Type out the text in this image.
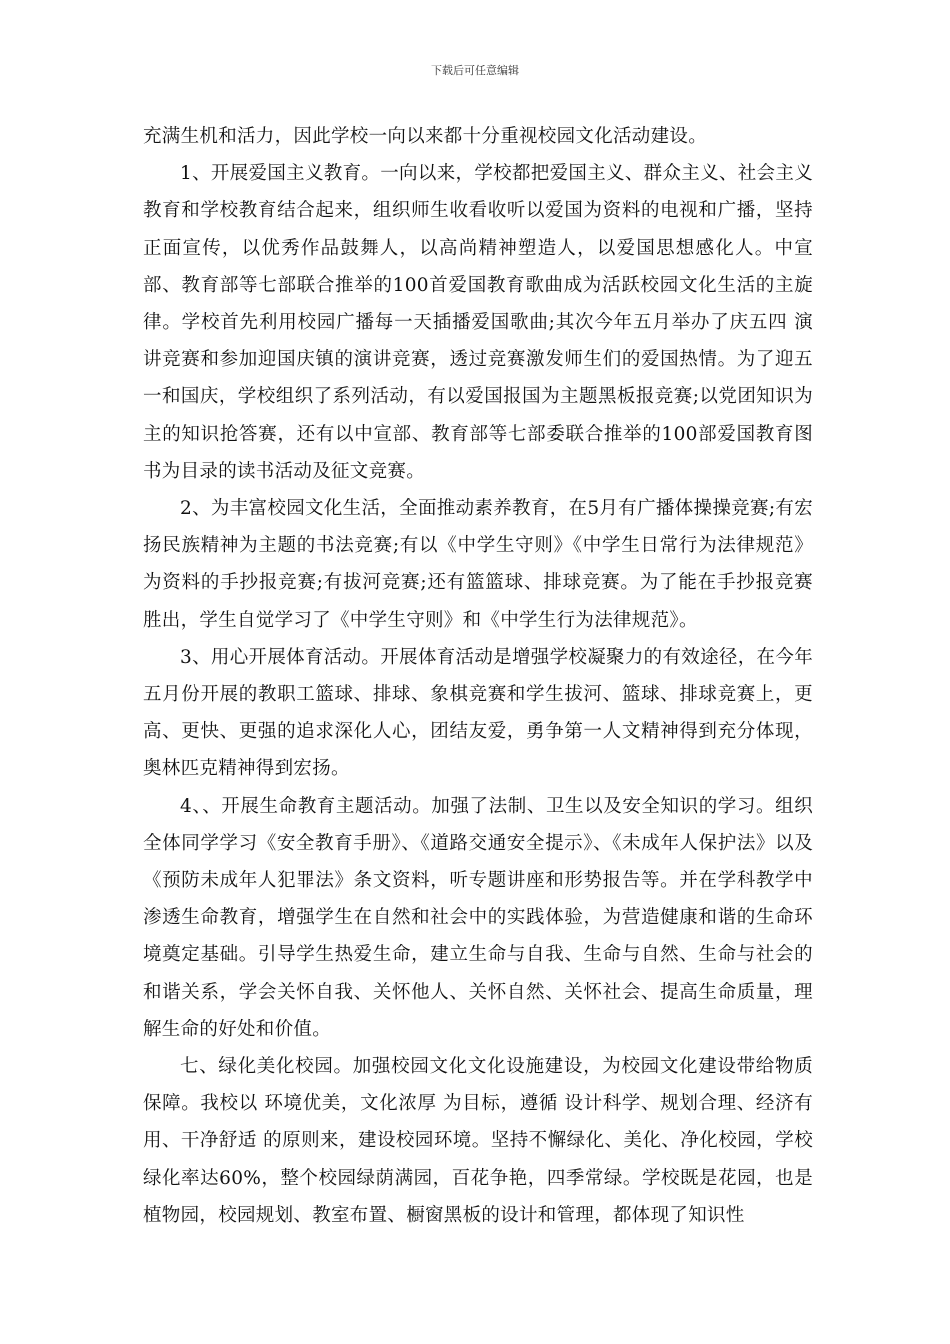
下载后可任意编辑

充满生机和活力，因此学校一向以来都十分重视校园文化活动建设。

1、开展爱国主义教育。一向以来，学校都把爱国主义、群众主义、社会主义教育和学校教育结合起来，组织师生收看收听以爱国为资料的电视和广播，坚持正面宣传，以优秀作品鼓舞人，以高尚精神塑造人，以爱国思想感化人。中宣部、教育部等七部联合推举的100首爱国教育歌曲成为活跃校园文化生活的主旋律。学校首先利用校园广播每一天插播爱国歌曲;其次今年五月举办了庆五四 演讲竞赛和参加迎国庆镇的演讲竞赛，透过竞赛激发师生们的爱国热情。为了迎五一和国庆，学校组织了系列活动，有以爱国报国为主题黑板报竞赛;以党团知识为主的知识抢答赛，还有以中宣部、教育部等七部委联合推举的100部爱国教育图书为目录的读书活动及征文竞赛。

2、为丰富校园文化生活，全面推动素养教育，在5月有广播体操操竞赛;有宏扬民族精神为主题的书法竞赛;有以《中学生守则》《中学生日常行为法律规范》为资料的手抄报竞赛;有拔河竞赛;还有篮篮球、排球竞赛。为了能在手抄报竞赛胜出，学生自觉学习了《中学生守则》和《中学生行为法律规范》。

3、用心开展体育活动。开展体育活动是增强学校凝聚力的有效途径，在今年五月份开展的教职工篮球、排球、象棋竞赛和学生拔河、篮球、排球竞赛上，更高、更快、更强的追求深化人心，团结友爱，勇争第一人文精神得到充分体现，奥林匹克精神得到宏扬。

4、、开展生命教育主题活动。加强了法制、卫生以及安全知识的学习。组织全体同学学习《安全教育手册》、《道路交通安全提示》、《未成年人保护法》以及《预防未成年人犯罪法》条文资料，听专题讲座和形势报告等。并在学科教学中渗透生命教育，增强学生在自然和社会中的实践体验，为营造健康和谐的生命环境奠定基础。引导学生热爱生命，建立生命与自我、生命与自然、生命与社会的和谐关系，学会关怀自我、关怀他人、关怀自然、关怀社会、提高生命质量，理解生命的好处和价值。

七、绿化美化校园。加强校园文化文化设施建设，为校园文化建设带给物质保障。我校以 环境优美，文化浓厚 为目标，遵循 设计科学、规划合理、经济有用、干净舒适 的原则来，建设校园环境。坚持不懈绿化、美化、净化校园，学校绿化率达60%，整个校园绿荫满园，百花争艳，四季常绿。学校既是花园，也是植物园，校园规划、教室布置、橱窗黑板的设计和管理，都体现了知识性
